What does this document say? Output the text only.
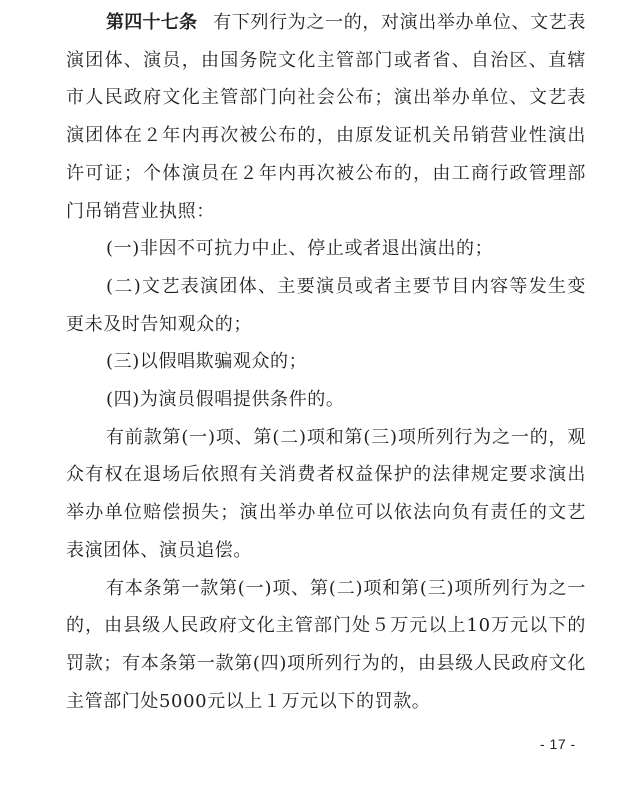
第四十七条 有下列行为之一的，对演出举办单位、文艺表演团体、演员，由国务院文化主管部门或者省、自治区、直辖市人民政府文化主管部门向社会公布；演出举办单位、文艺表演团体在２年内再次被公布的，由原发证机关吊销营业性演出许可证；个体演员在２年内再次被公布的，由工商行政管理部门吊销营业执照：

(一)非因不可抗力中止、停止或者退出演出的；

(二)文艺表演团体、主要演员或者主要节目内容等发生变更未及时告知观众的；

(三)以假唱欺骗观众的；

(四)为演员假唱提供条件的。

有前款第(一)项、第(二)项和第(三)项所列行为之一的，观众有权在退场后依照有关消费者权益保护的法律规定要求演出举办单位赔偿损失；演出举办单位可以依法向负有责任的文艺表演团体、演员追偿。

有本条第一款第(一)项、第(二)项和第(三)项所列行为之一的，由县级人民政府文化主管部门处５万元以上10万元以下的罚款；有本条第一款第(四)项所列行为的，由县级人民政府文化主管部门处5000元以上１万元以下的罚款。

- 17 -
